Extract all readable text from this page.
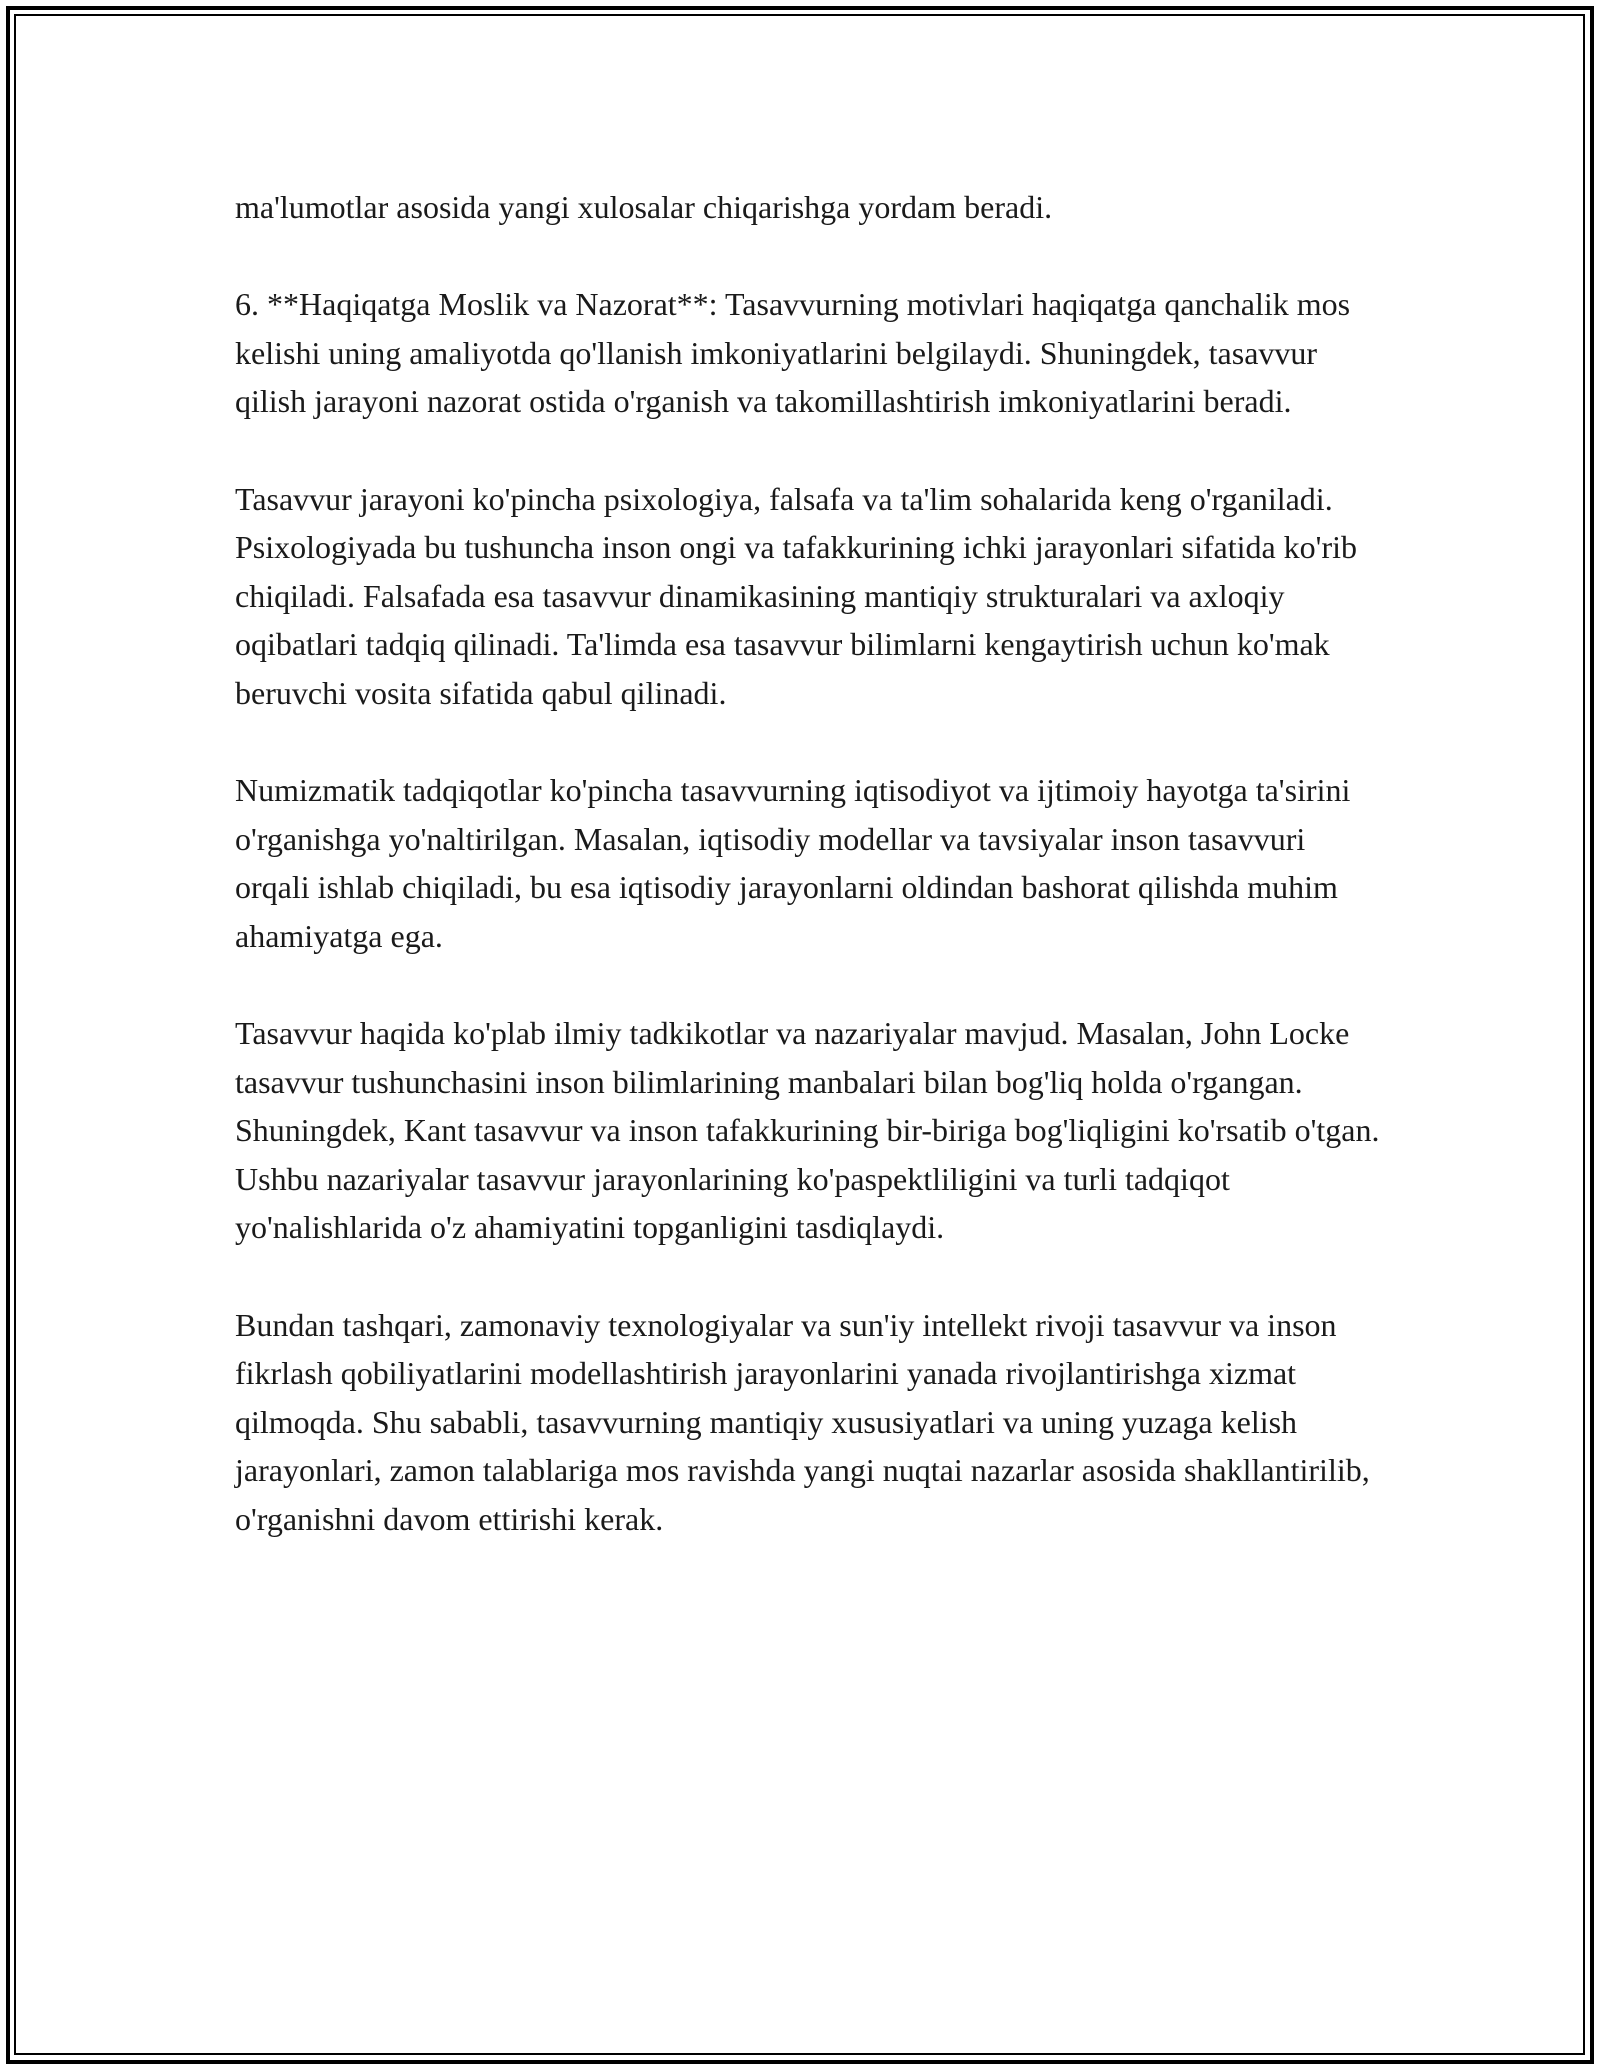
ma'lumotlar asosida yangi xulosalar chiqarishga yordam beradi.

6. **Haqiqatga Moslik va Nazorat**: Tasavvurning motivlari haqiqatga qanchalik mos kelishi uning amaliyotda qo'llanish imkoniyatlarini belgilaydi. Shuningdek, tasavvur qilish jarayoni nazorat ostida o'rganish va takomillashtirish imkoniyatlarini beradi.

Tasavvur jarayoni ko'pincha psixologiya, falsafa va ta'lim sohalarida keng o'rganiladi. Psixologiyada bu tushuncha inson ongi va tafakkurining ichki jarayonlari sifatida ko'rib chiqiladi. Falsafada esa tasavvur dinamikasining mantiqiy strukturalari va axloqiy oqibatlari tadqiq qilinadi. Ta'limda esa tasavvur bilimlarni kengaytirish uchun ko'mak beruvchi vosita sifatida qabul qilinadi.

Numizmatik tadqiqotlar ko'pincha tasavvurning iqtisodiyot va ijtimoiy hayotga ta'sirini o'rganishga yo'naltirilgan. Masalan, iqtisodiy modellar va tavsiyalar inson tasavvuri orqali ishlab chiqiladi, bu esa iqtisodiy jarayonlarni oldindan bashorat qilishda muhim ahamiyatga ega.

Tasavvur haqida ko'plab ilmiy tadkikotlar va nazariyalar mavjud. Masalan, John Locke tasavvur tushunchasini inson bilimlarining manbalari bilan bog'liq holda o'rgangan. Shuningdek, Kant tasavvur va inson tafakkurining bir-biriga bog'liqligini ko'rsatib o'tgan. Ushbu nazariyalar tasavvur jarayonlarining ko'paspektliligini va turli tadqiqot yo'nalishlarida o'z ahamiyatini topganligini tasdiqlaydi.

Bundan tashqari, zamonaviy texnologiyalar va sun'iy intellekt rivoji tasavvur va inson fikrlash qobiliyatlarini modellashtirish jarayonlarini yanada rivojlantirishga xizmat qilmoqda. Shu sababli, tasavvurning mantiqiy xususiyatlari va uning yuzaga kelish jarayonlari, zamon talablariga mos ravishda yangi nuqtai nazarlar asosida shakllantirilib, o'rganishni davom ettirishi kerak.
